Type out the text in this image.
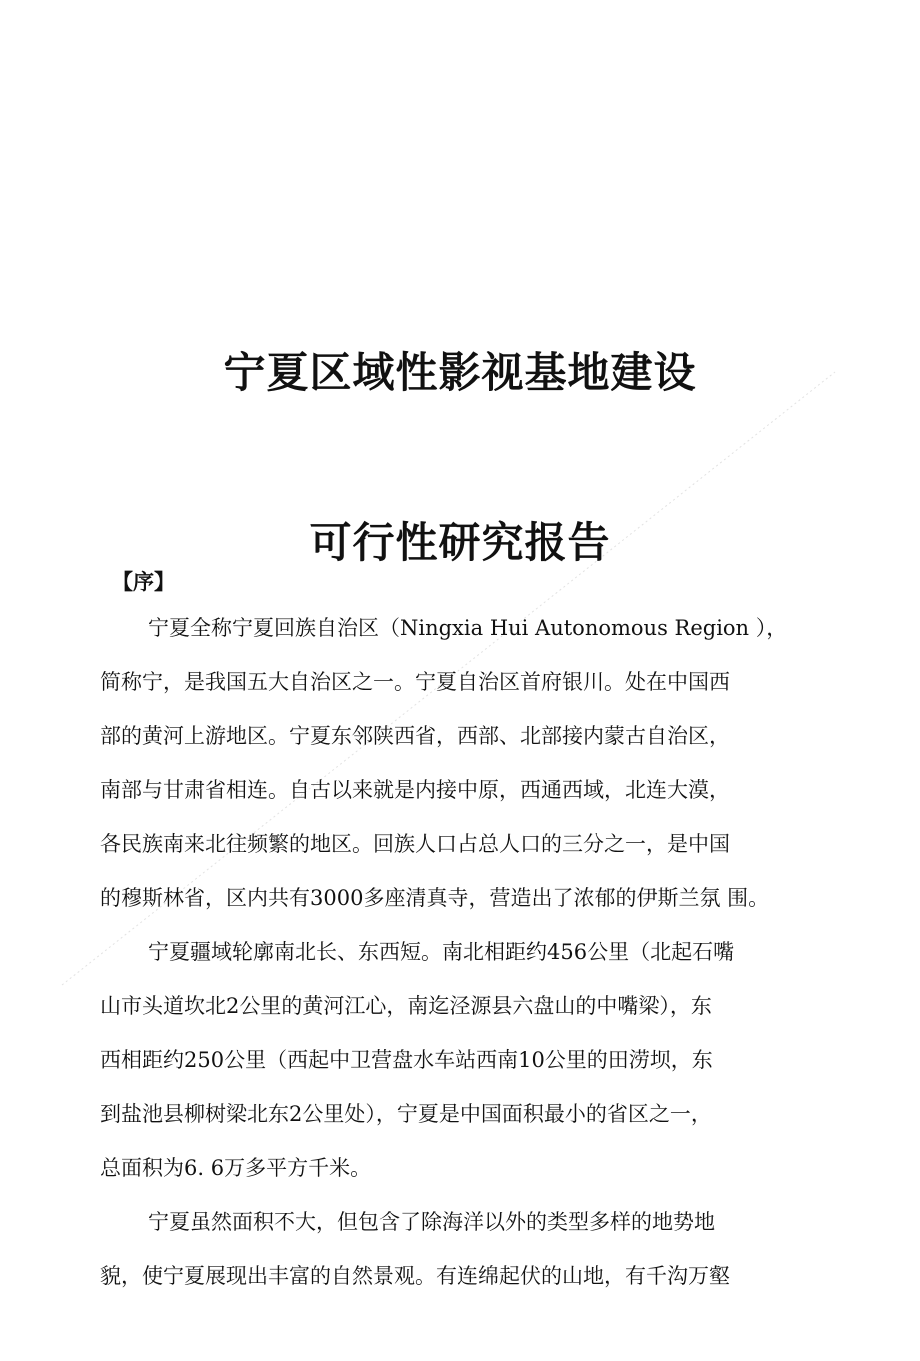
宁夏区域性影视基地建设
可行性研究报告
【序】
宁夏全称宁夏回族自治区（Ningxia Hui Autonomous Region ），
简称宁，是我国五大自治区之一。宁夏自治区首府银川。处在中国西
部的黄河上游地区。宁夏东邻陕西省，西部、北部接内蒙古自治区，
南部与甘肃省相连。自古以来就是内接中原，西通西域，北连大漠，
各民族南来北往频繁的地区。回族人口占总人口的三分之一，是中国
的穆斯林省，区内共有3000多座清真寺，营造出了浓郁的伊斯兰氛 围。
宁夏疆域轮廓南北长、东西短。南北相距约456公里（北起石嘴
山市头道坎北2公里的黄河江心，南迄泾源县六盘山的中嘴梁），东
西相距约250公里（西起中卫营盘水车站西南10公里的田涝坝，东
到盐池县柳树梁北东2公里处），宁夏是中国面积最小的省区之一，
总面积为6. 6万多平方千米。
宁夏虽然面积不大，但包含了除海洋以外的类型多样的地势地
貌，使宁夏展现出丰富的自然景观。有连绵起伏的山地，有千沟万壑
